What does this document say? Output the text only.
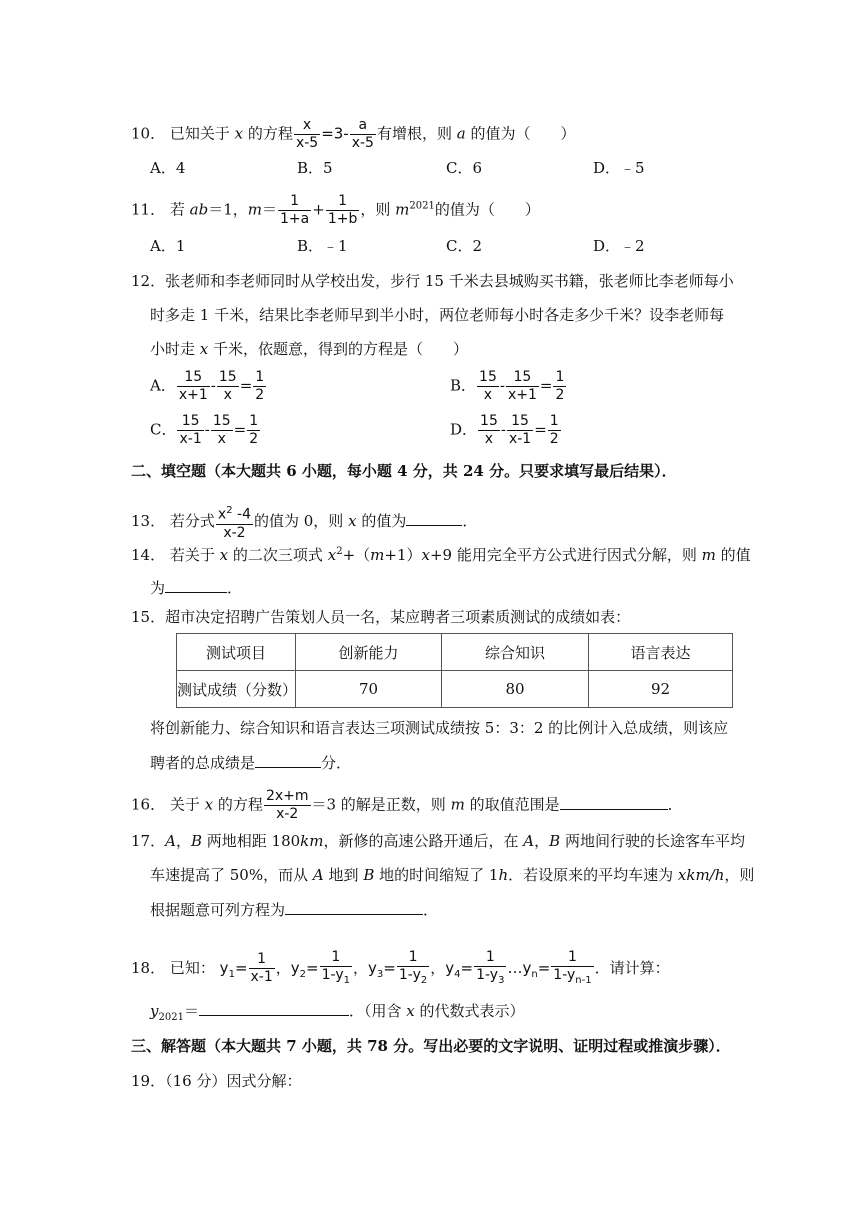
10． 已知关于 x 的方程 $\frac{x}{x-5} =3- \frac{a}{x-5}$ 有增根，则 a 的值为（　　）
A．4	B．5	C．6	D．﹣5
11． 若 ab＝1，$m= \frac{1}{1+a} + \frac{1}{1+b}$ ，则 $m^{2021}$的值为（　　）
A．1	B．﹣1	C．2	D．﹣2
12．张老师和李老师同时从学校出发，步行 15 千米去县城购买书籍，张老师比李老师每小
时多走 1 千米，结果比李老师早到半小时，两位老师每小时各走多少千米？设李老师每
小时走 x 千米，依题意，得到的方程是（　　）
A． $\frac{15}{x+1} - \frac{15}{x} = \frac{1}{2}$	B． $\frac{15}{x} - \frac{15}{x+1} = \frac{1}{2}$
C． $\frac{15}{x-1} - \frac{15}{x} = \frac{1}{2}$	D． $\frac{15}{x} - \frac{15}{x-1} = \frac{1}{2}$
二、填空题（本大题共 6 小题，每小题 4 分，共 24 分。只要求填写最后结果）．
13． 若分式 $\frac{x^2 -4}{x-2}$ 的值为 0，则 x 的值为	．
14． 若关于 x 的二次三项式 $x^2+(m+1)x+9$ 能用完全平方公式进行因式分解，则 m 的值
为	．
15．超市决定招聘广告策划人员一名，某应聘者三项素质测试的成绩如表：
测试项目	创新能力	综合知识	语言表达
测试成绩（分数）	70	80	92
将创新能力、综合知识和语言表达三项测试成绩按 5：3：2 的比例计入总成绩，则该应
聘者的总成绩是	分．
16． 关于 x 的方程 $\frac{2x+m}{x-2} =3$ 的解是正数，则 m 的取值范围是	．
17．A，B 两地相距 180km，新修的高速公路开通后，在 A，B 两地间行驶的长途客车平均
车速提高了 50%，而从 A 地到 B 地的时间缩短了 1h．若设原来的平均车速为 xkm/h，则
根据题意可列方程为	．
18． 已知： $y_1= \frac{1}{x-1}$ ，$y_2= \frac{1}{1-y_1}$ ，$y_3= \frac{1}{1-y_2}$ ，$y_4= \frac{1}{1-y_3}$ $\dots y_n= \frac{1}{1-y_{n-1}}$ ．请计算：
$y_{2021}=$	．（用含 x 的代数式表示）
三、解答题（本大题共 7 小题，共 78 分。写出必要的文字说明、证明过程或推演步骤）．
19．（16 分）因式分解：
